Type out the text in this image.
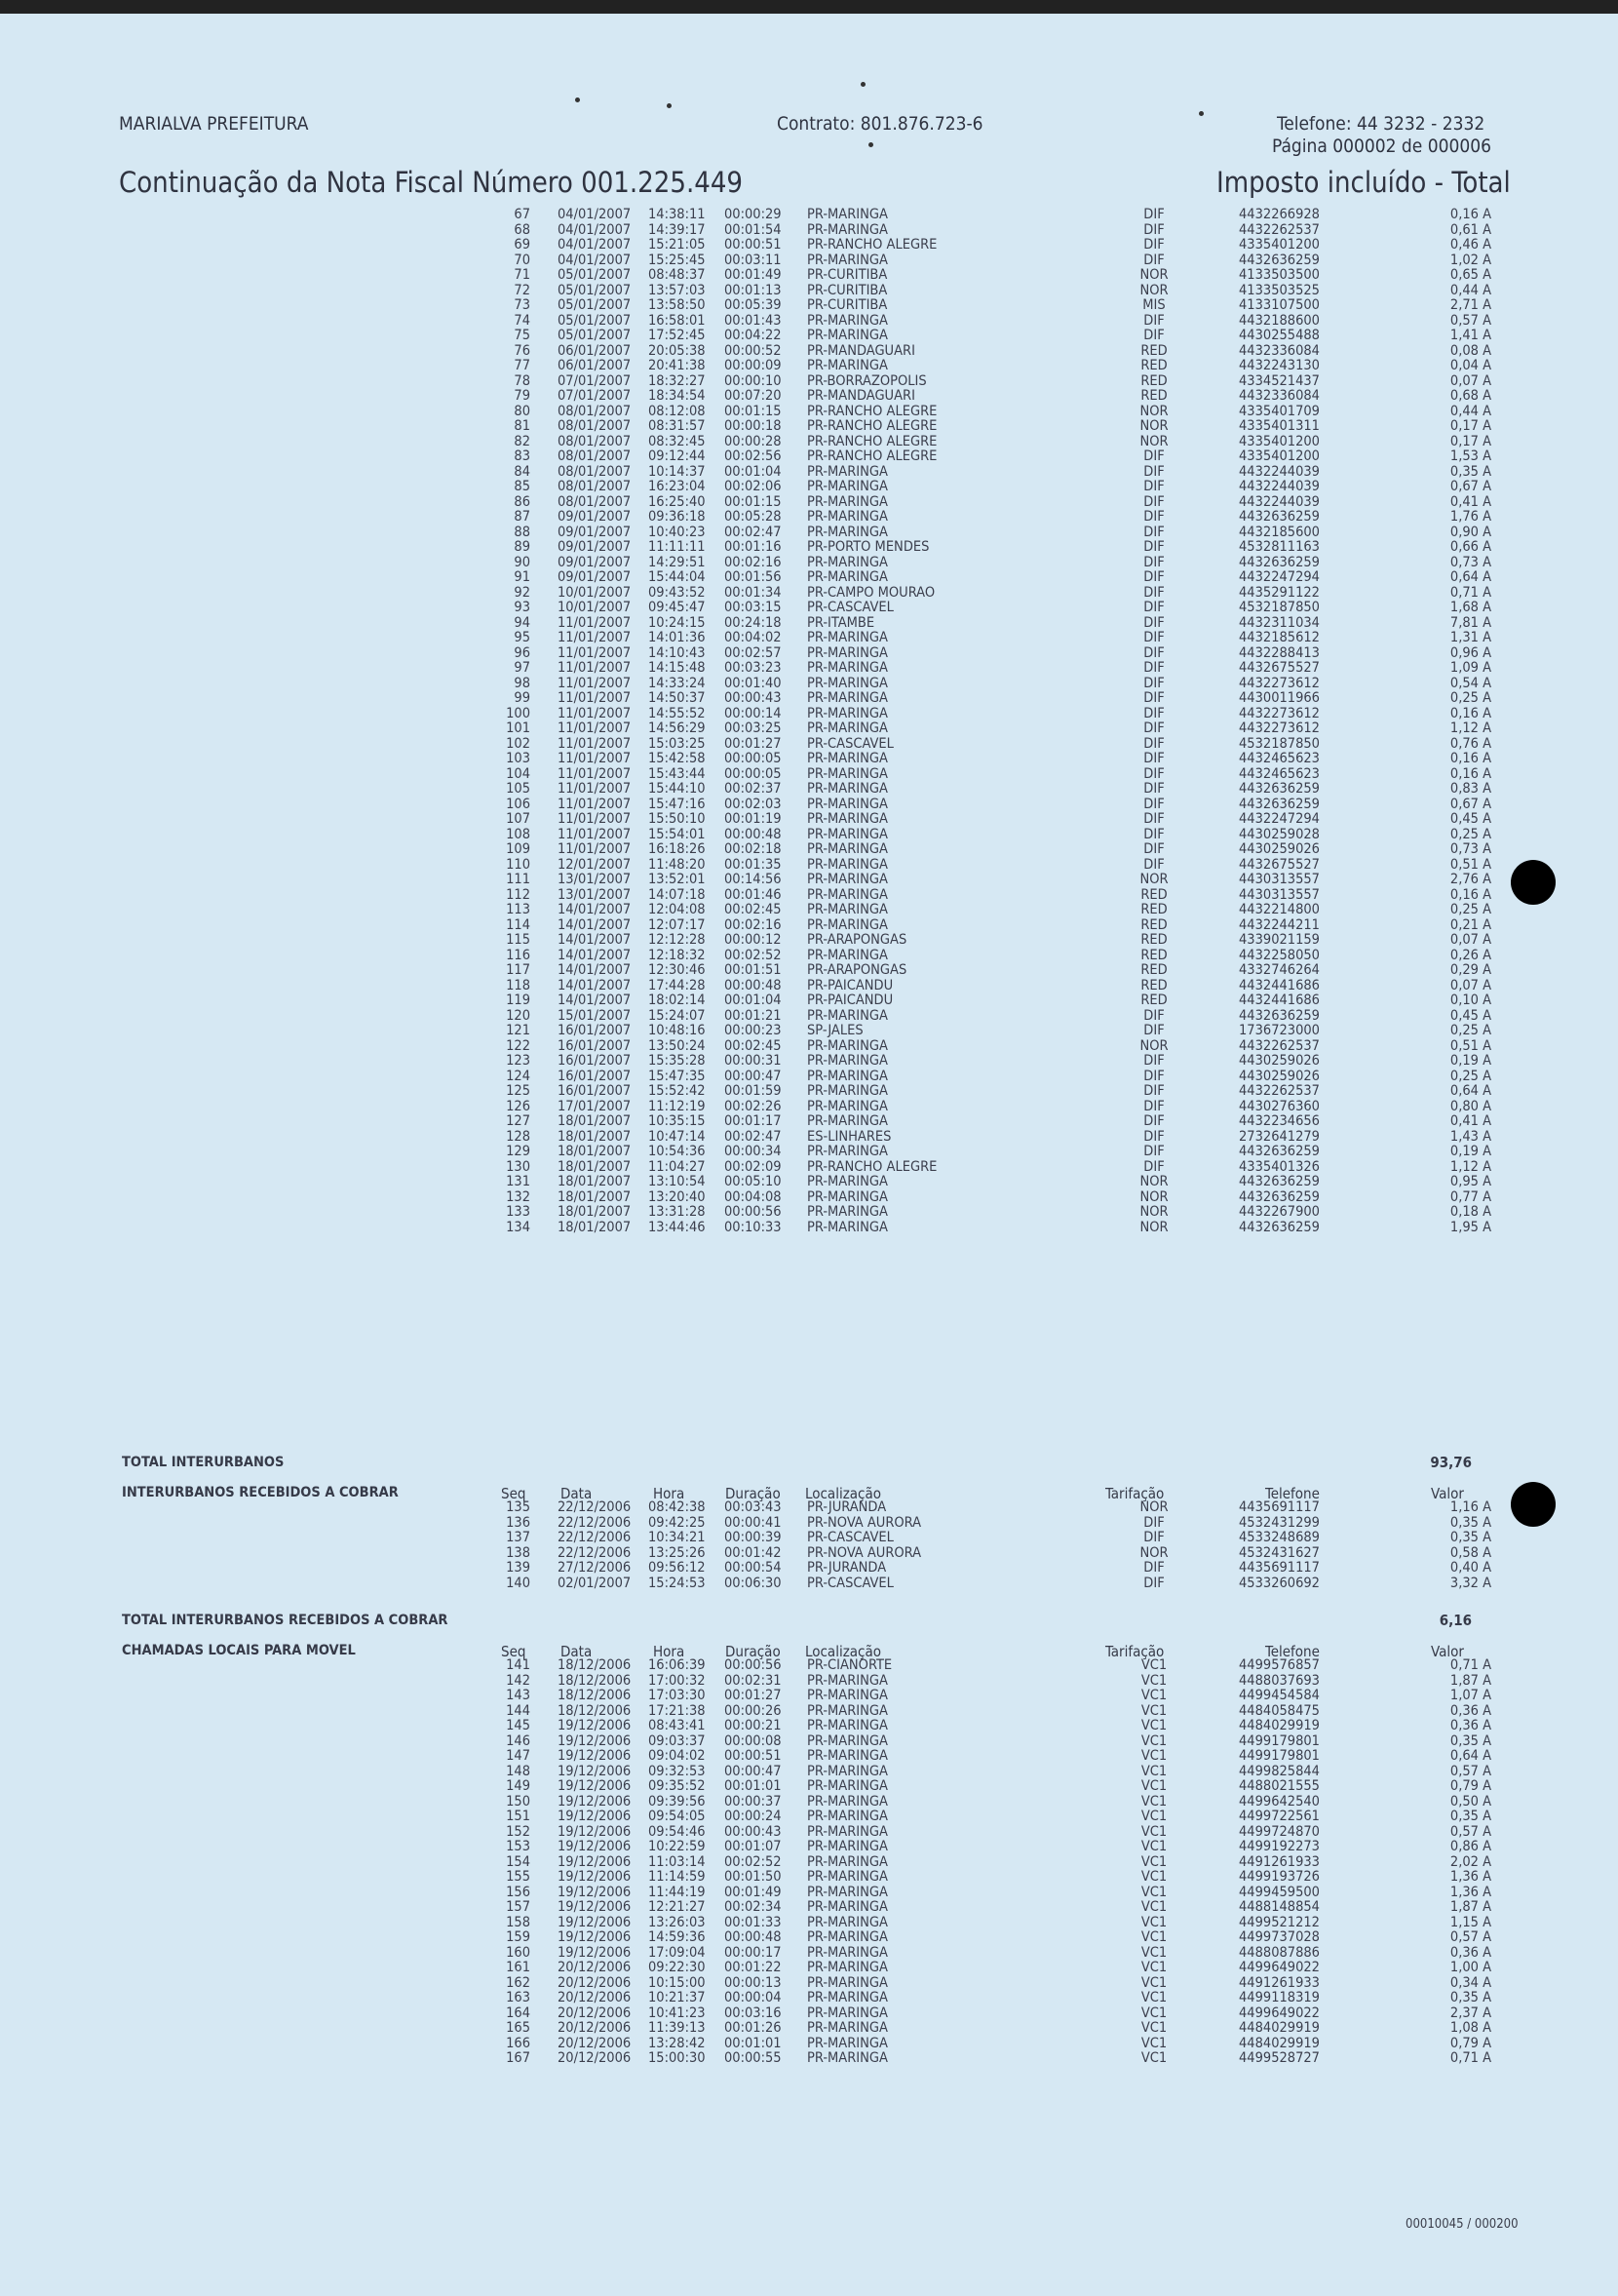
MARIALVA PREFEITURA	Contrato: 801.876.723-6	Telefone: 44 3232 - 2332
Página 000002 de 000006
Continuação da Nota Fiscal Número 001.225.449	Imposto incluído - Total
67 04/01/2007 14:38:11 00:00:29 PR-MARINGA	DIF	4432266928	0,16 A
68 04/01/2007 14:39:17 00:01:54 PR-MARINGA	DIF	4432262537	0,61 A
69 04/01/2007 15:21:05 00:00:51 PR-RANCHO ALEGRE	DIF	4335401200	0,46 A
70 04/01/2007 15:25:45 00:03:11 PR-MARINGA	DIF	4432636259	1,02 A
71 05/01/2007 08:48:37 00:01:49 PR-CURITIBA	NOR	4133503500	0,65 A
72 05/01/2007 13:57:03 00:01:13 PR-CURITIBA	NOR	4133503525	0,44 A
73 05/01/2007 13:58:50 00:05:39 PR-CURITIBA	MIS	4133107500	2,71 A
74 05/01/2007 16:58:01 00:01:43 PR-MARINGA	DIF	4432188600	0,57 A
75 05/01/2007 17:52:45 00:04:22 PR-MARINGA	DIF	4430255488	1,41 A
76 06/01/2007 20:05:38 00:00:52 PR-MANDAGUARI	RED	4432336084	0,08 A
77 06/01/2007 20:41:38 00:00:09 PR-MARINGA	RED	4432243130	0,04 A
78 07/01/2007 18:32:27 00:00:10 PR-BORRAZOPOLIS	RED	4334521437	0,07 A
79 07/01/2007 18:34:54 00:07:20 PR-MANDAGUARI	RED	4432336084	0,68 A
80 08/01/2007 08:12:08 00:01:15 PR-RANCHO ALEGRE	NOR	4335401709	0,44 A
81 08/01/2007 08:31:57 00:00:18 PR-RANCHO ALEGRE	NOR	4335401311	0,17 A
82 08/01/2007 08:32:45 00:00:28 PR-RANCHO ALEGRE	NOR	4335401200	0,17 A
83 08/01/2007 09:12:44 00:02:56 PR-RANCHO ALEGRE	DIF	4335401200	1,53 A
84 08/01/2007 10:14:37 00:01:04 PR-MARINGA	DIF	4432244039	0,35 A
85 08/01/2007 16:23:04 00:02:06 PR-MARINGA	DIF	4432244039	0,67 A
86 08/01/2007 16:25:40 00:01:15 PR-MARINGA	DIF	4432244039	0,41 A
87 09/01/2007 09:36:18 00:05:28 PR-MARINGA	DIF	4432636259	1,76 A
88 09/01/2007 10:40:23 00:02:47 PR-MARINGA	DIF	4432185600	0,90 A
89 09/01/2007 11:11:11 00:01:16 PR-PORTO MENDES	DIF	4532811163	0,66 A
90 09/01/2007 14:29:51 00:02:16 PR-MARINGA	DIF	4432636259	0,73 A
91 09/01/2007 15:44:04 00:01:56 PR-MARINGA	DIF	4432247294	0,64 A
92 10/01/2007 09:43:52 00:01:34 PR-CAMPO MOURAO	DIF	4435291122	0,71 A
93 10/01/2007 09:45:47 00:03:15 PR-CASCAVEL	DIF	4532187850	1,68 A
94 11/01/2007 10:24:15 00:24:18 PR-ITAMBE	DIF	4432311034	7,81 A
95 11/01/2007 14:01:36 00:04:02 PR-MARINGA	DIF	4432185612	1,31 A
96 11/01/2007 14:10:43 00:02:57 PR-MARINGA	DIF	4432288413	0,96 A
97 11/01/2007 14:15:48 00:03:23 PR-MARINGA	DIF	4432675527	1,09 A
98 11/01/2007 14:33:24 00:01:40 PR-MARINGA	DIF	4432273612	0,54 A
99 11/01/2007 14:50:37 00:00:43 PR-MARINGA	DIF	4430011966	0,25 A
100 11/01/2007 14:55:52 00:00:14 PR-MARINGA	DIF	4432273612	0,16 A
101 11/01/2007 14:56:29 00:03:25 PR-MARINGA	DIF	4432273612	1,12 A
102 11/01/2007 15:03:25 00:01:27 PR-CASCAVEL	DIF	4532187850	0,76 A
103 11/01/2007 15:42:58 00:00:05 PR-MARINGA	DIF	4432465623	0,16 A
104 11/01/2007 15:43:44 00:00:05 PR-MARINGA	DIF	4432465623	0,16 A
105 11/01/2007 15:44:10 00:02:37 PR-MARINGA	DIF	4432636259	0,83 A
106 11/01/2007 15:47:16 00:02:03 PR-MARINGA	DIF	4432636259	0,67 A
107 11/01/2007 15:50:10 00:01:19 PR-MARINGA	DIF	4432247294	0,45 A
108 11/01/2007 15:54:01 00:00:48 PR-MARINGA	DIF	4430259028	0,25 A
109 11/01/2007 16:18:26 00:02:18 PR-MARINGA	DIF	4430259026	0,73 A
110 12/01/2007 11:48:20 00:01:35 PR-MARINGA	DIF	4432675527	0,51 A
111 13/01/2007 13:52:01 00:14:56 PR-MARINGA	NOR	4430313557	2,76 A
112 13/01/2007 14:07:18 00:01:46 PR-MARINGA	RED	4430313557	0,16 A
113 14/01/2007 12:04:08 00:02:45 PR-MARINGA	RED	4432214800	0,25 A
114 14/01/2007 12:07:17 00:02:16 PR-MARINGA	RED	4432244211	0,21 A
115 14/01/2007 12:12:28 00:00:12 PR-ARAPONGAS	RED	4339021159	0,07 A
116 14/01/2007 12:18:32 00:02:52 PR-MARINGA	RED	4432258050	0,26 A
117 14/01/2007 12:30:46 00:01:51 PR-ARAPONGAS	RED	4332746264	0,29 A
118 14/01/2007 17:44:28 00:00:48 PR-PAICANDU	RED	4432441686	0,07 A
119 14/01/2007 18:02:14 00:01:04 PR-PAICANDU	RED	4432441686	0,10 A
120 15/01/2007 15:24:07 00:01:21 PR-MARINGA	DIF	4432636259	0,45 A
121 16/01/2007 10:48:16 00:00:23 SP-JALES	DIF	1736723000	0,25 A
122 16/01/2007 13:50:24 00:02:45 PR-MARINGA	NOR	4432262537	0,51 A
123 16/01/2007 15:35:28 00:00:31 PR-MARINGA	DIF	4430259026	0,19 A
124 16/01/2007 15:47:35 00:00:47 PR-MARINGA	DIF	4430259026	0,25 A
125 16/01/2007 15:52:42 00:01:59 PR-MARINGA	DIF	4432262537	0,64 A
126 17/01/2007 11:12:19 00:02:26 PR-MARINGA	DIF	4430276360	0,80 A
127 18/01/2007 10:35:15 00:01:17 PR-MARINGA	DIF	4432234656	0,41 A
128 18/01/2007 10:47:14 00:02:47 ES-LINHARES	DIF	2732641279	1,43 A
129 18/01/2007 10:54:36 00:00:34 PR-MARINGA	DIF	4432636259	0,19 A
130 18/01/2007 11:04:27 00:02:09 PR-RANCHO ALEGRE	DIF	4335401326	1,12 A
131 18/01/2007 13:10:54 00:05:10 PR-MARINGA	NOR	4432636259	0,95 A
132 18/01/2007 13:20:40 00:04:08 PR-MARINGA	NOR	4432636259	0,77 A
133 18/01/2007 13:31:28 00:00:56 PR-MARINGA	NOR	4432267900	0,18 A
134 18/01/2007 13:44:46 00:10:33 PR-MARINGA	NOR	4432636259	1,95 A
TOTAL INTERURBANOS	93,76
INTERURBANOS RECEBIDOS A COBRAR	Seq Data	Hora	Duração Localização	Tarifação	Telefone	Valor
135 22/12/2006 08:42:38 00:03:43 PR-JURANDA	NOR	4435691117	1,16 A
136 22/12/2006 09:42:25 00:00:41 PR-NOVA AURORA	DIF	4532431299	0,35 A
137 22/12/2006 10:34:21 00:00:39 PR-CASCAVEL	DIF	4533248689	0,35 A
138 22/12/2006 13:25:26 00:01:42 PR-NOVA AURORA	NOR	4532431627	0,58 A
139 27/12/2006 09:56:12 00:00:54 PR-JURANDA	DIF	4435691117	0,40 A
140 02/01/2007 15:24:53 00:06:30 PR-CASCAVEL	DIF	4533260692	3,32 A
TOTAL INTERURBANOS RECEBIDOS A COBRAR	6,16
CHAMADAS LOCAIS PARA MOVEL	Seq Data	Hora	Duração Localização	Tarifação	Telefone	Valor
141 18/12/2006 16:06:39 00:00:56 PR-CIANORTE	VC1	4499576857	0,71 A
142 18/12/2006 17:00:32 00:02:31 PR-MARINGA	VC1	4488037693	1,87 A
143 18/12/2006 17:03:30 00:01:27 PR-MARINGA	VC1	4499454584	1,07 A
144 18/12/2006 17:21:38 00:00:26 PR-MARINGA	VC1	4484058475	0,36 A
145 19/12/2006 08:43:41 00:00:21 PR-MARINGA	VC1	4484029919	0,36 A
146 19/12/2006 09:03:37 00:00:08 PR-MARINGA	VC1	4499179801	0,35 A
147 19/12/2006 09:04:02 00:00:51 PR-MARINGA	VC1	4499179801	0,64 A
148 19/12/2006 09:32:53 00:00:47 PR-MARINGA	VC1	4499825844	0,57 A
149 19/12/2006 09:35:52 00:01:01 PR-MARINGA	VC1	4488021555	0,79 A
150 19/12/2006 09:39:56 00:00:37 PR-MARINGA	VC1	4499642540	0,50 A
151 19/12/2006 09:54:05 00:00:24 PR-MARINGA	VC1	4499722561	0,35 A
152 19/12/2006 09:54:46 00:00:43 PR-MARINGA	VC1	4499724870	0,57 A
153 19/12/2006 10:22:59 00:01:07 PR-MARINGA	VC1	4499192273	0,86 A
154 19/12/2006 11:03:14 00:02:52 PR-MARINGA	VC1	4491261933	2,02 A
155 19/12/2006 11:14:59 00:01:50 PR-MARINGA	VC1	4499193726	1,36 A
156 19/12/2006 11:44:19 00:01:49 PR-MARINGA	VC1	4499459500	1,36 A
157 19/12/2006 12:21:27 00:02:34 PR-MARINGA	VC1	4488148854	1,87 A
158 19/12/2006 13:26:03 00:01:33 PR-MARINGA	VC1	4499521212	1,15 A
159 19/12/2006 14:59:36 00:00:48 PR-MARINGA	VC1	4499737028	0,57 A
160 19/12/2006 17:09:04 00:00:17 PR-MARINGA	VC1	4488087886	0,36 A
161 20/12/2006 09:22:30 00:01:22 PR-MARINGA	VC1	4499649022	1,00 A
162 20/12/2006 10:15:00 00:00:13 PR-MARINGA	VC1	4491261933	0,34 A
163 20/12/2006 10:21:37 00:00:04 PR-MARINGA	VC1	4499118319	0,35 A
164 20/12/2006 10:41:23 00:03:16 PR-MARINGA	VC1	4499649022	2,37 A
165 20/12/2006 11:39:13 00:01:26 PR-MARINGA	VC1	4484029919	1,08 A
166 20/12/2006 13:28:42 00:01:01 PR-MARINGA	VC1	4484029919	0,79 A
167 20/12/2006 15:00:30 00:00:55 PR-MARINGA	VC1	4499528727	0,71 A
00010045 / 000200
